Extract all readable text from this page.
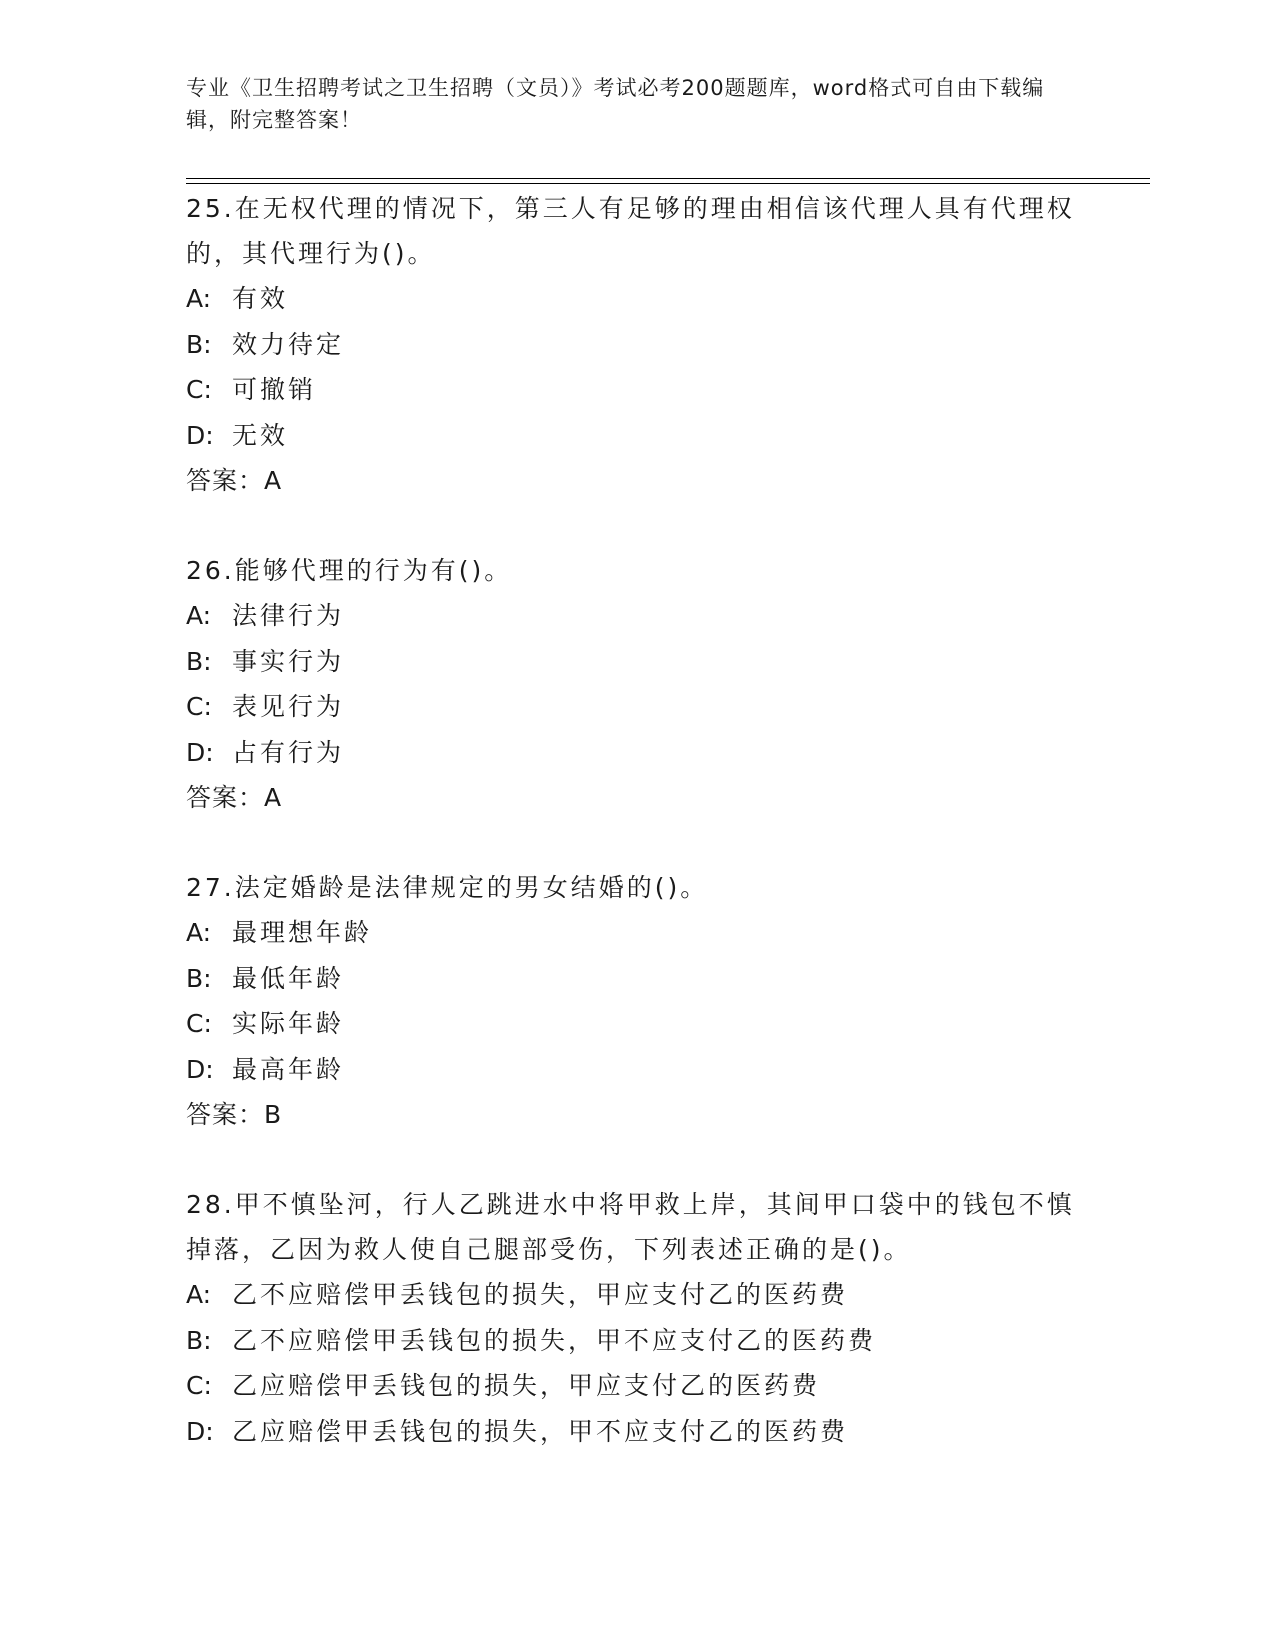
专业《卫生招聘考试之卫生招聘（文员）》考试必考200题题库，word格式可自由下载编辑，附完整答案！

25.在无权代理的情况下，第三人有足够的理由相信该代理人具有代理权的，其代理行为()。

A: 有效

B: 效力待定

C: 可撤销

D: 无效

答案：A

26.能够代理的行为有()。

A: 法律行为

B: 事实行为

C: 表见行为

D: 占有行为

答案：A

27.法定婚龄是法律规定的男女结婚的()。

A: 最理想年龄

B: 最低年龄

C: 实际年龄

D: 最高年龄

答案：B

28.甲不慎坠河，行人乙跳进水中将甲救上岸，其间甲口袋中的钱包不慎掉落，乙因为救人使自己腿部受伤，下列表述正确的是()。

A: 乙不应赔偿甲丢钱包的损失，甲应支付乙的医药费

B: 乙不应赔偿甲丢钱包的损失，甲不应支付乙的医药费

C: 乙应赔偿甲丢钱包的损失，甲应支付乙的医药费

D: 乙应赔偿甲丢钱包的损失，甲不应支付乙的医药费
